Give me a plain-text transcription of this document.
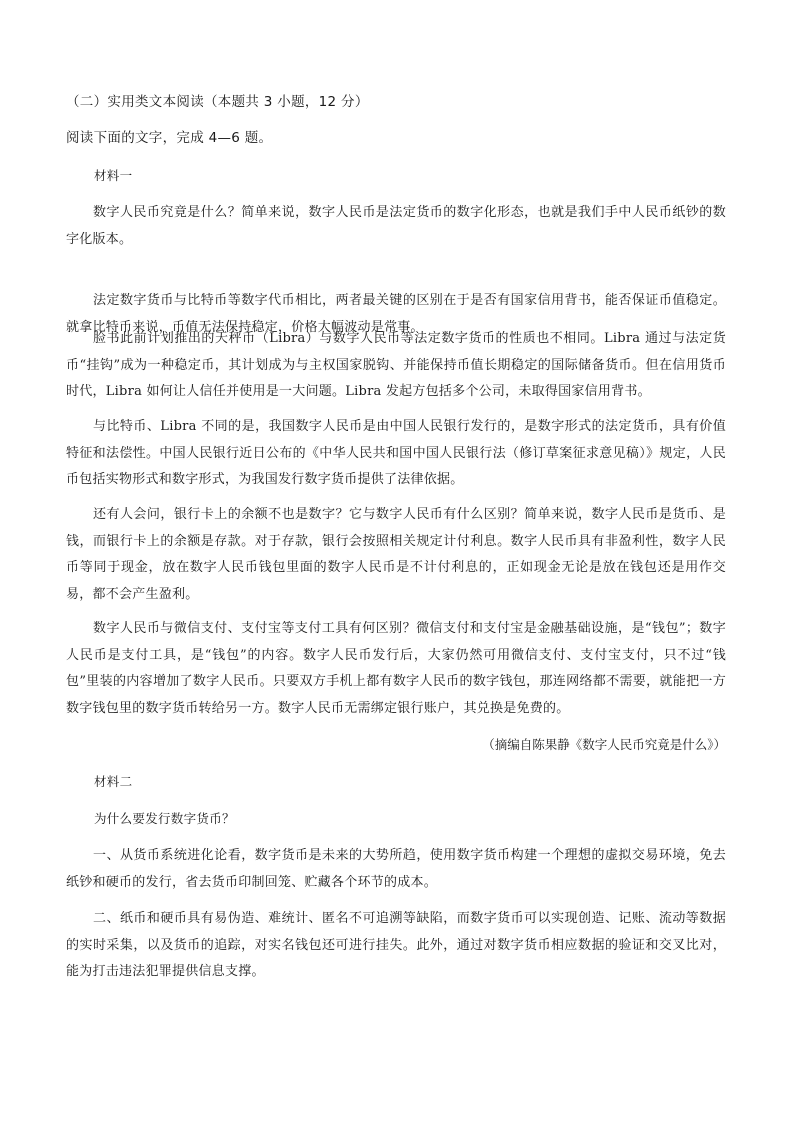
（二）实用类文本阅读（本题共 3 小题，12 分）

阅读下面的文字，完成 4—6 题。

材料一

数字人民币究竟是什么？简单来说，数字人民币是法定货币的数字化形态，也就是我们手中人民币纸钞的数字化版本。

法定数字货币与比特币等数字代币相比，两者最关键的区别在于是否有国家信用背书，能否保证币值稳定。就拿比特币来说，币值无法保持稳定，价格大幅波动是常事。

脸书此前计划推出的天秤币（Libra）与数字人民币等法定数字货币的性质也不相同。Libra 通过与法定货币“挂钩”成为一种稳定币，其计划成为与主权国家脱钩、并能保持币值长期稳定的国际储备货币。但在信用货币时代，Libra 如何让人信任并使用是一大问题。Libra 发起方包括多个公司，未取得国家信用背书。

与比特币、Libra 不同的是，我国数字人民币是由中国人民银行发行的，是数字形式的法定货币，具有价值特征和法偿性。中国人民银行近日公布的《中华人民共和国中国人民银行法（修订草案征求意见稿）》规定，人民币包括实物形式和数字形式，为我国发行数字货币提供了法律依据。

还有人会问，银行卡上的余额不也是数字？它与数字人民币有什么区别？简单来说，数字人民币是货币、是钱，而银行卡上的余额是存款。对于存款，银行会按照相关规定计付利息。数字人民币具有非盈利性，数字人民币等同于现金，放在数字人民币钱包里面的数字人民币是不计付利息的，正如现金无论是放在钱包还是用作交易，都不会产生盈利。

数字人民币与微信支付、支付宝等支付工具有何区别？微信支付和支付宝是金融基础设施，是“钱包”；数字人民币是支付工具，是“钱包”的内容。数字人民币发行后，大家仍然可用微信支付、支付宝支付，只不过“钱包”里装的内容增加了数字人民币。只要双方手机上都有数字人民币的数字钱包，那连网络都不需要，就能把一方数字钱包里的数字货币转给另一方。数字人民币无需绑定银行账户，其兑换是免费的。

（摘编自陈果静《数字人民币究竟是什么》）

材料二

为什么要发行数字货币？

一、从货币系统进化论看，数字货币是未来的大势所趋，使用数字货币构建一个理想的虚拟交易环境，免去纸钞和硬币的发行，省去货币印制回笼、贮藏各个环节的成本。

二、纸币和硬币具有易伪造、难统计、匿名不可追溯等缺陷，而数字货币可以实现创造、记账、流动等数据的实时采集，以及货币的追踪，对实名钱包还可进行挂失。此外，通过对数字货币相应数据的验证和交叉比对，能为打击违法犯罪提供信息支撑。
